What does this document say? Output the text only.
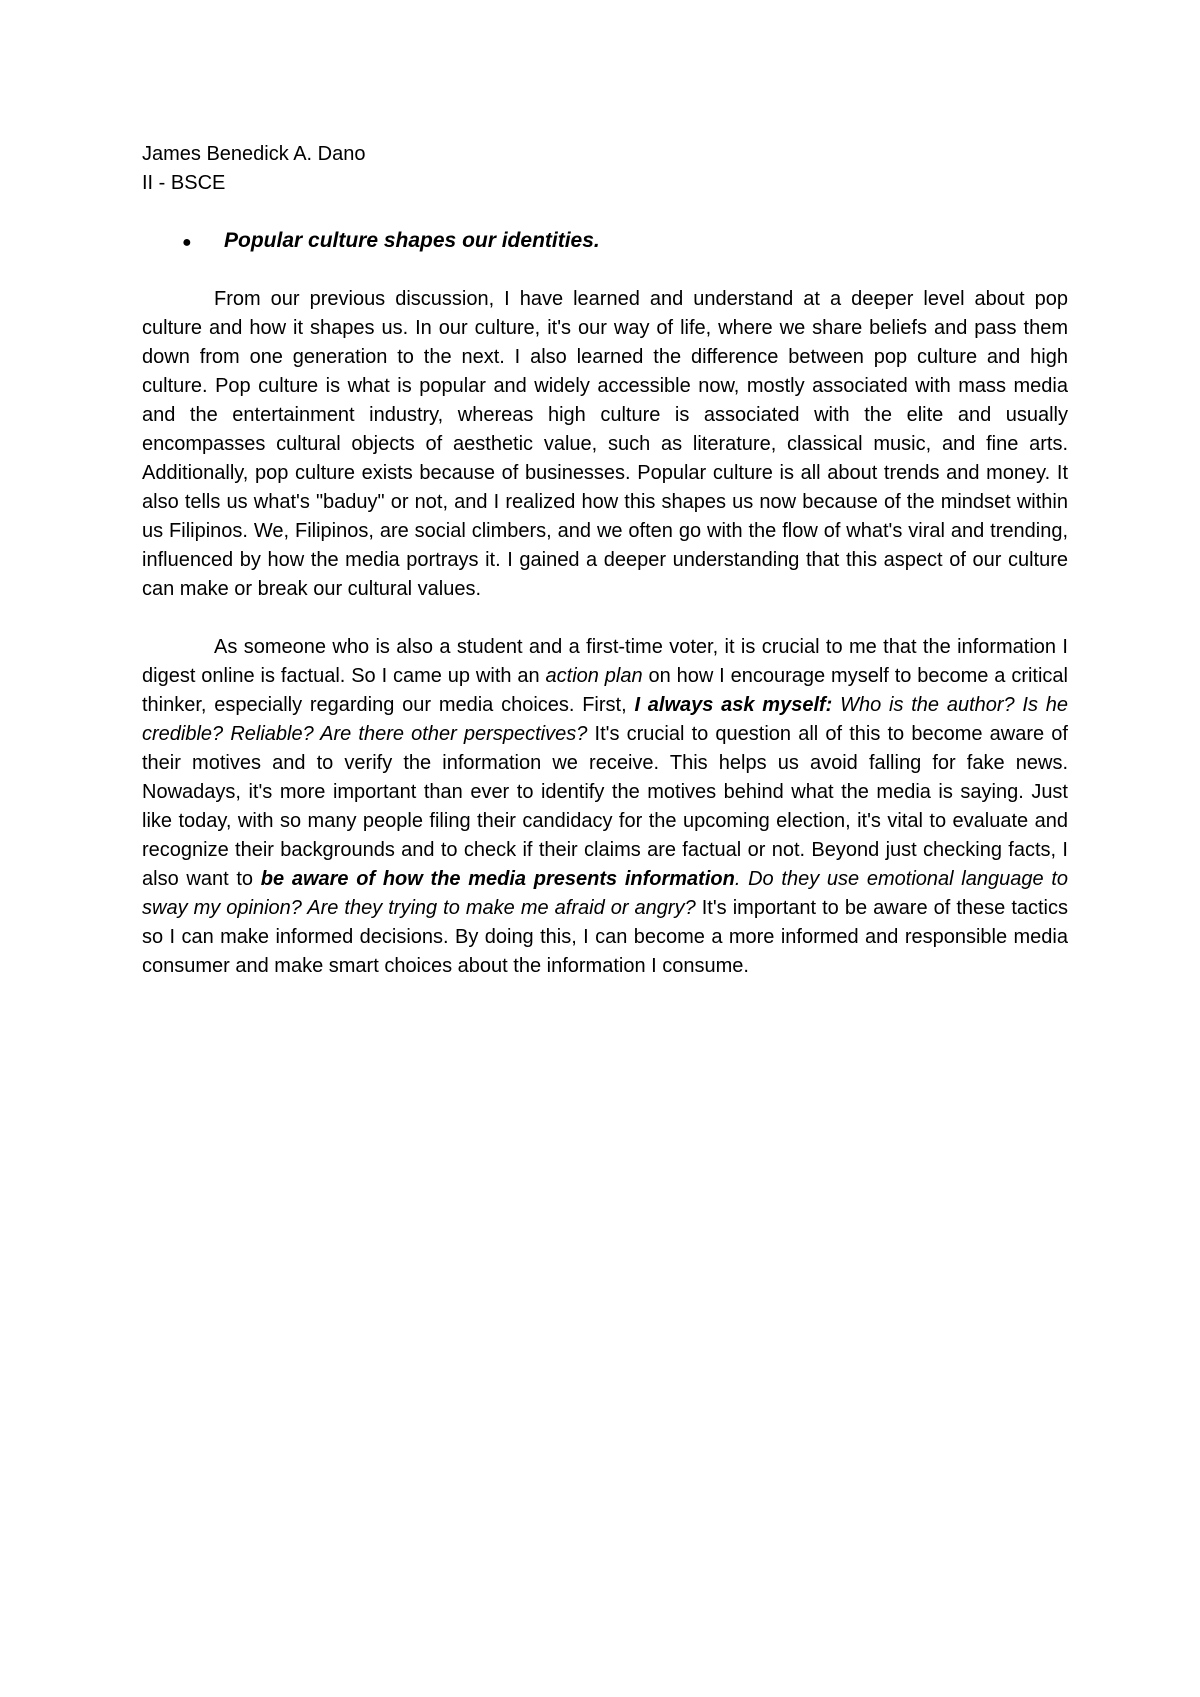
James Benedick A. Dano

II - BSCE

●	Popular culture shapes our identities.

From our previous discussion, I have learned and understand at a deeper level about pop culture and how it shapes us. In our culture, it's our way of life, where we share beliefs and pass them down from one generation to the next. I also learned the difference between pop culture and high culture. Pop culture is what is popular and widely accessible now, mostly associated with mass media and the entertainment industry, whereas high culture is associated with the elite and usually encompasses cultural objects of aesthetic value, such as literature, classical music, and fine arts. Additionally, pop culture exists because of businesses. Popular culture is all about trends and money. It also tells us what's "baduy" or not, and I realized how this shapes us now because of the mindset within us Filipinos. We, Filipinos, are social climbers, and we often go with the flow of what's viral and trending, influenced by how the media portrays it. I gained a deeper understanding that this aspect of our culture can make or break our cultural values.

As someone who is also a student and a first-time voter, it is crucial to me that the information I digest online is factual. So I came up with an action plan on how I encourage myself to become a critical thinker, especially regarding our media choices. First, I always ask myself: Who is the author? Is he credible? Reliable? Are there other perspectives? It's crucial to question all of this to become aware of their motives and to verify the information we receive. This helps us avoid falling for fake news. Nowadays, it's more important than ever to identify the motives behind what the media is saying. Just like today, with so many people filing their candidacy for the upcoming election, it's vital to evaluate and recognize their backgrounds and to check if their claims are factual or not. Beyond just checking facts, I also want to be aware of how the media presents information. Do they use emotional language to sway my opinion? Are they trying to make me afraid or angry? It's important to be aware of these tactics so I can make informed decisions. By doing this, I can become a more informed and responsible media consumer and make smart choices about the information I consume.
